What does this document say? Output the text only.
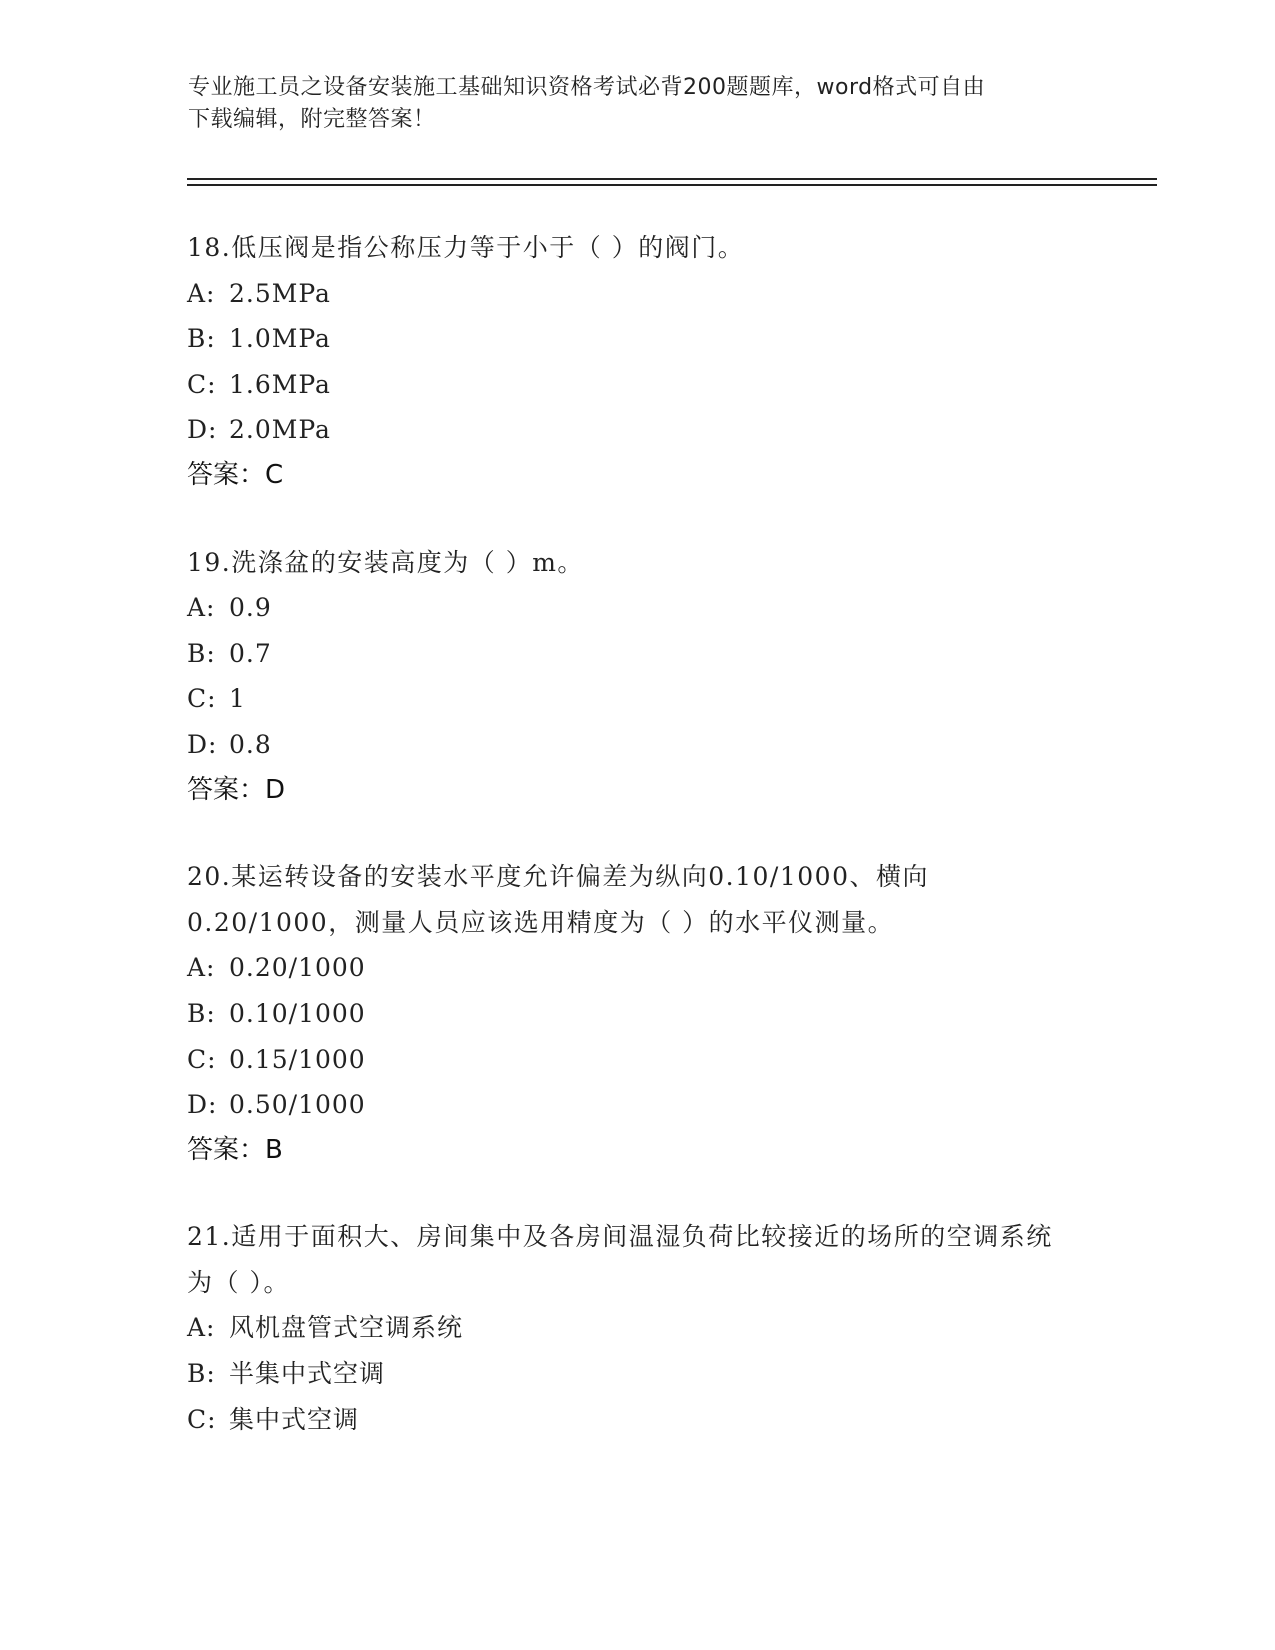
专业施工员之设备安装施工基础知识资格考试必背200题题库，word格式可自由
下载编辑，附完整答案！

18.低压阀是指公称压力等于小于（ ）的阀门。

A: 2.5MPa

B: 1.0MPa

C: 1.6MPa

D: 2.0MPa

答案：C

19.洗涤盆的安装高度为（ ）m。

A: 0.9

B: 0.7

C: 1

D: 0.8

答案：D

20.某运转设备的安装水平度允许偏差为纵向0.10/1000、横向0.20/1000，测量人员应该选用精度为（ ）的水平仪测量。

A: 0.20/1000

B: 0.10/1000

C: 0.15/1000

D: 0.50/1000

答案：B

21.适用于面积大、房间集中及各房间温湿负荷比较接近的场所的空调系统为（ ）。

A: 风机盘管式空调系统

B: 半集中式空调

C: 集中式空调
